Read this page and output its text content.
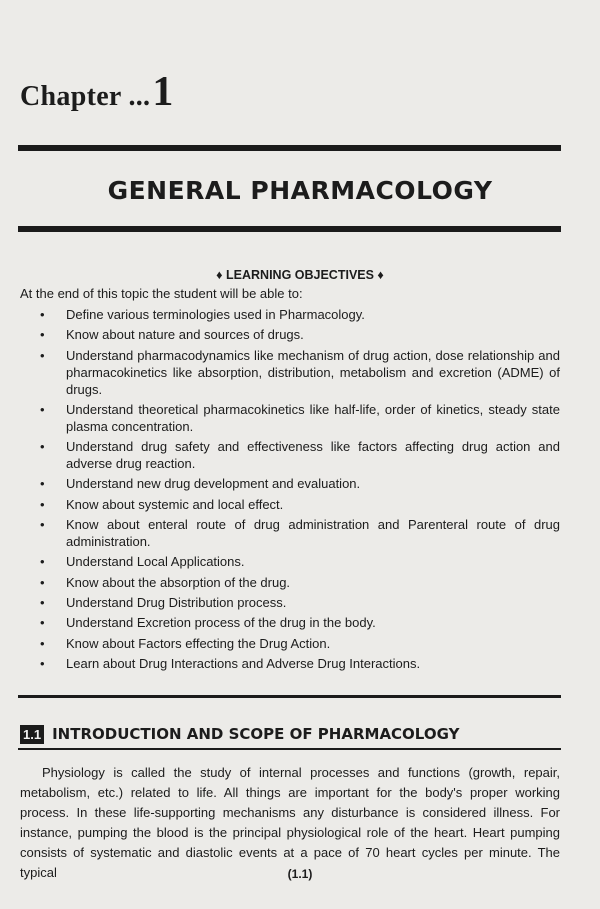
Chapter ...1
GENERAL PHARMACOLOGY
♦ LEARNING OBJECTIVES ♦
At the end of this topic the student will be able to:
• Define various terminologies used in Pharmacology.
• Know about nature and sources of drugs.
• Understand pharmacodynamics like mechanism of drug action, dose relationship and pharmacokinetics like absorption, distribution, metabolism and excretion (ADME) of drugs.
• Understand theoretical pharmacokinetics like half-life, order of kinetics, steady state plasma concentration.
• Understand drug safety and effectiveness like factors affecting drug action and adverse drug reaction.
• Understand new drug development and evaluation.
• Know about systemic and local effect.
• Know about enteral route of drug administration and Parenteral route of drug administration.
• Understand Local Applications.
• Know about the absorption of the drug.
• Understand Drug Distribution process.
• Understand Excretion process of the drug in the body.
• Know about Factors effecting the Drug Action.
• Learn about Drug Interactions and Adverse Drug Interactions.
1.1 INTRODUCTION AND SCOPE OF PHARMACOLOGY
Physiology is called the study of internal processes and functions (growth, repair, metabolism, etc.) related to life. All things are important for the body's proper working process. In these life-supporting mechanisms any disturbance is considered illness. For instance, pumping the blood is the principal physiological role of the heart. Heart pumping consists of systematic and diastolic events at a pace of 70 heart cycles per minute. The typical	(1.1)
